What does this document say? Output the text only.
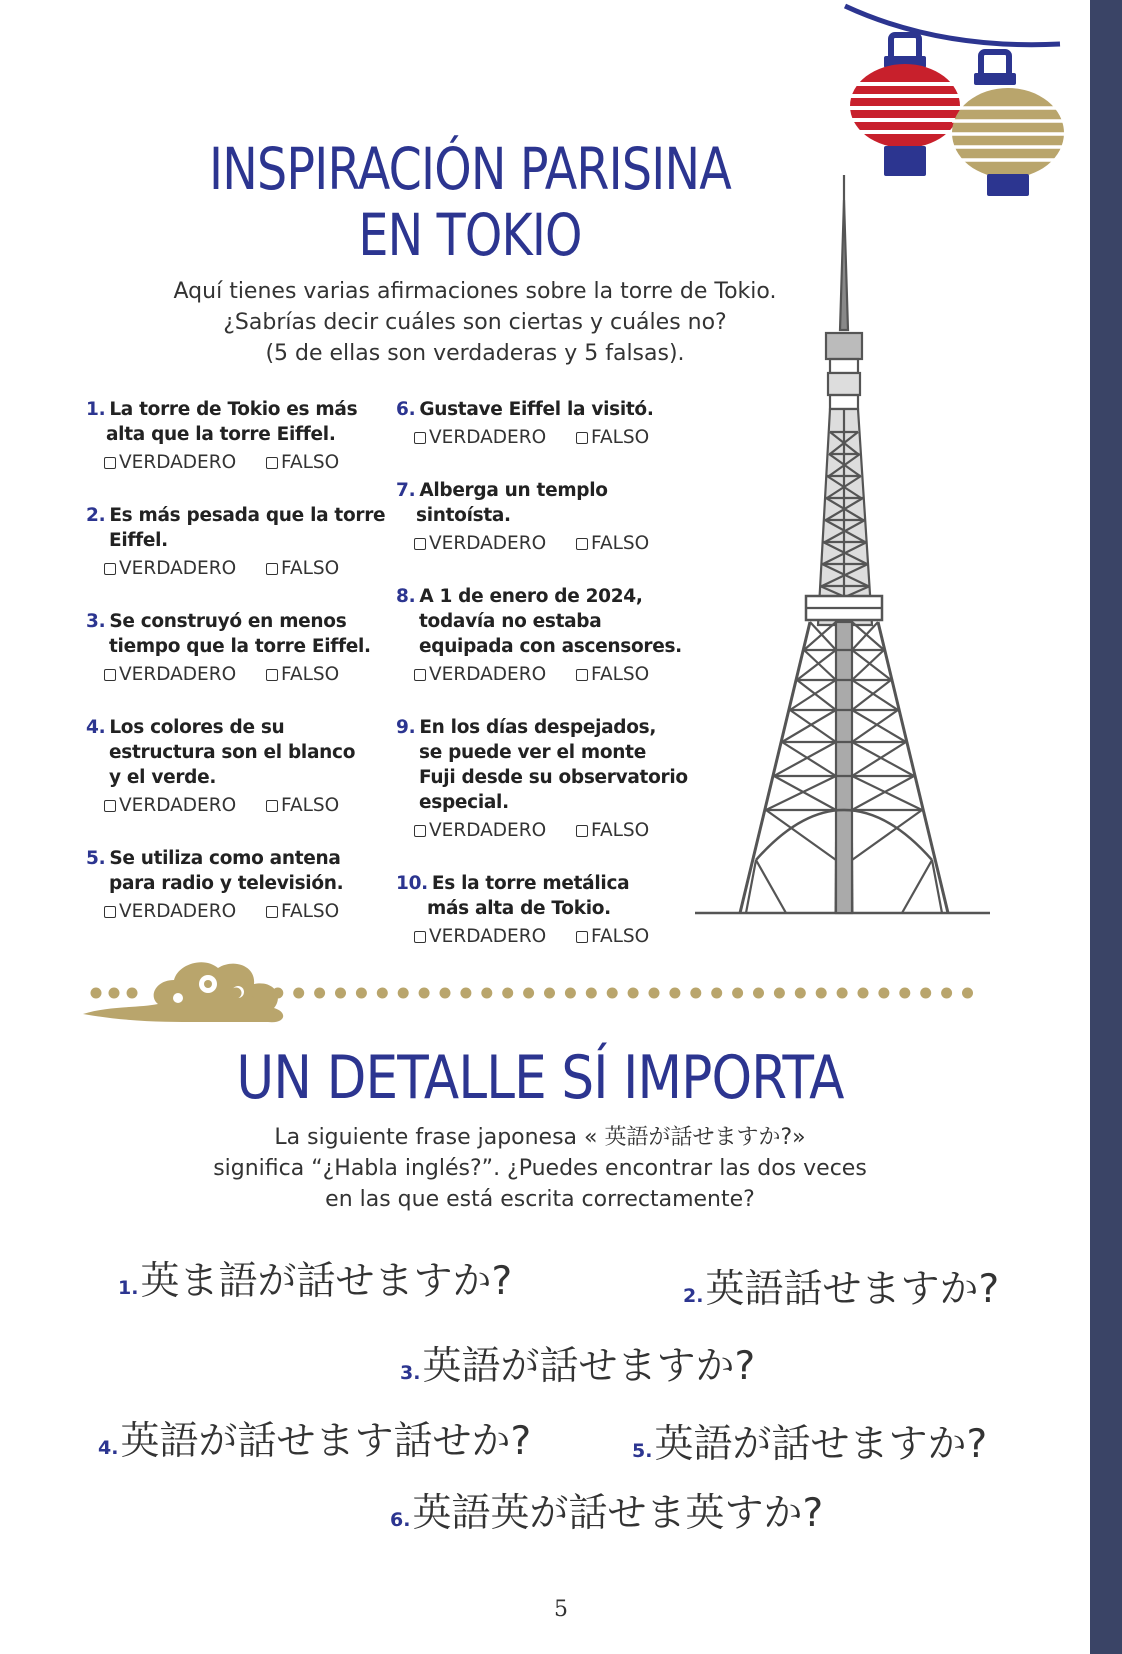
INSPIRACIÓN PARISINA
EN TOKIO
Aquí tienes varias afirmaciones sobre la torre de Tokio.
¿Sabrías decir cuáles son ciertas y cuáles no?
(5 de ellas son verdaderas y 5 falsas).
1. La torre de Tokio es más
alta que la torre Eiffel.
VERDADERO
FALSO
2. Es más pesada que la torre
Eiffel.
VERDADERO
FALSO
3. Se construyó en menos
tiempo que la torre Eiffel.
VERDADERO
FALSO
4. Los colores de su
estructura son el blanco
y el verde.
VERDADERO
FALSO
5. Se utiliza como antena
para radio y televisión.
VERDADERO
FALSO
6. Gustave Eiffel la visitó.
VERDADERO
FALSO
7. Alberga un templo
sintoísta.
VERDADERO
FALSO
8. A 1 de enero de 2024,
todavía no estaba
equipada con ascensores.
VERDADERO
FALSO
9. En los días despejados,
se puede ver el monte
Fuji desde su observatorio
especial.
VERDADERO
FALSO
10. Es la torre metálica
más alta de Tokio.
VERDADERO
FALSO
UN DETALLE SÍ IMPORTA
La siguiente frase japonesa « 英語が話せますか?»
significa “¿Habla inglés?”. ¿Puedes encontrar las dos veces
en las que está escrita correctamente?
1.英ま語が話せますか?	2.英語話せますか?
3.英語が話せますか?
4.英語が話せます話せか?	5.英語が話せますか?
6.英語英が話せま英すか?
5
